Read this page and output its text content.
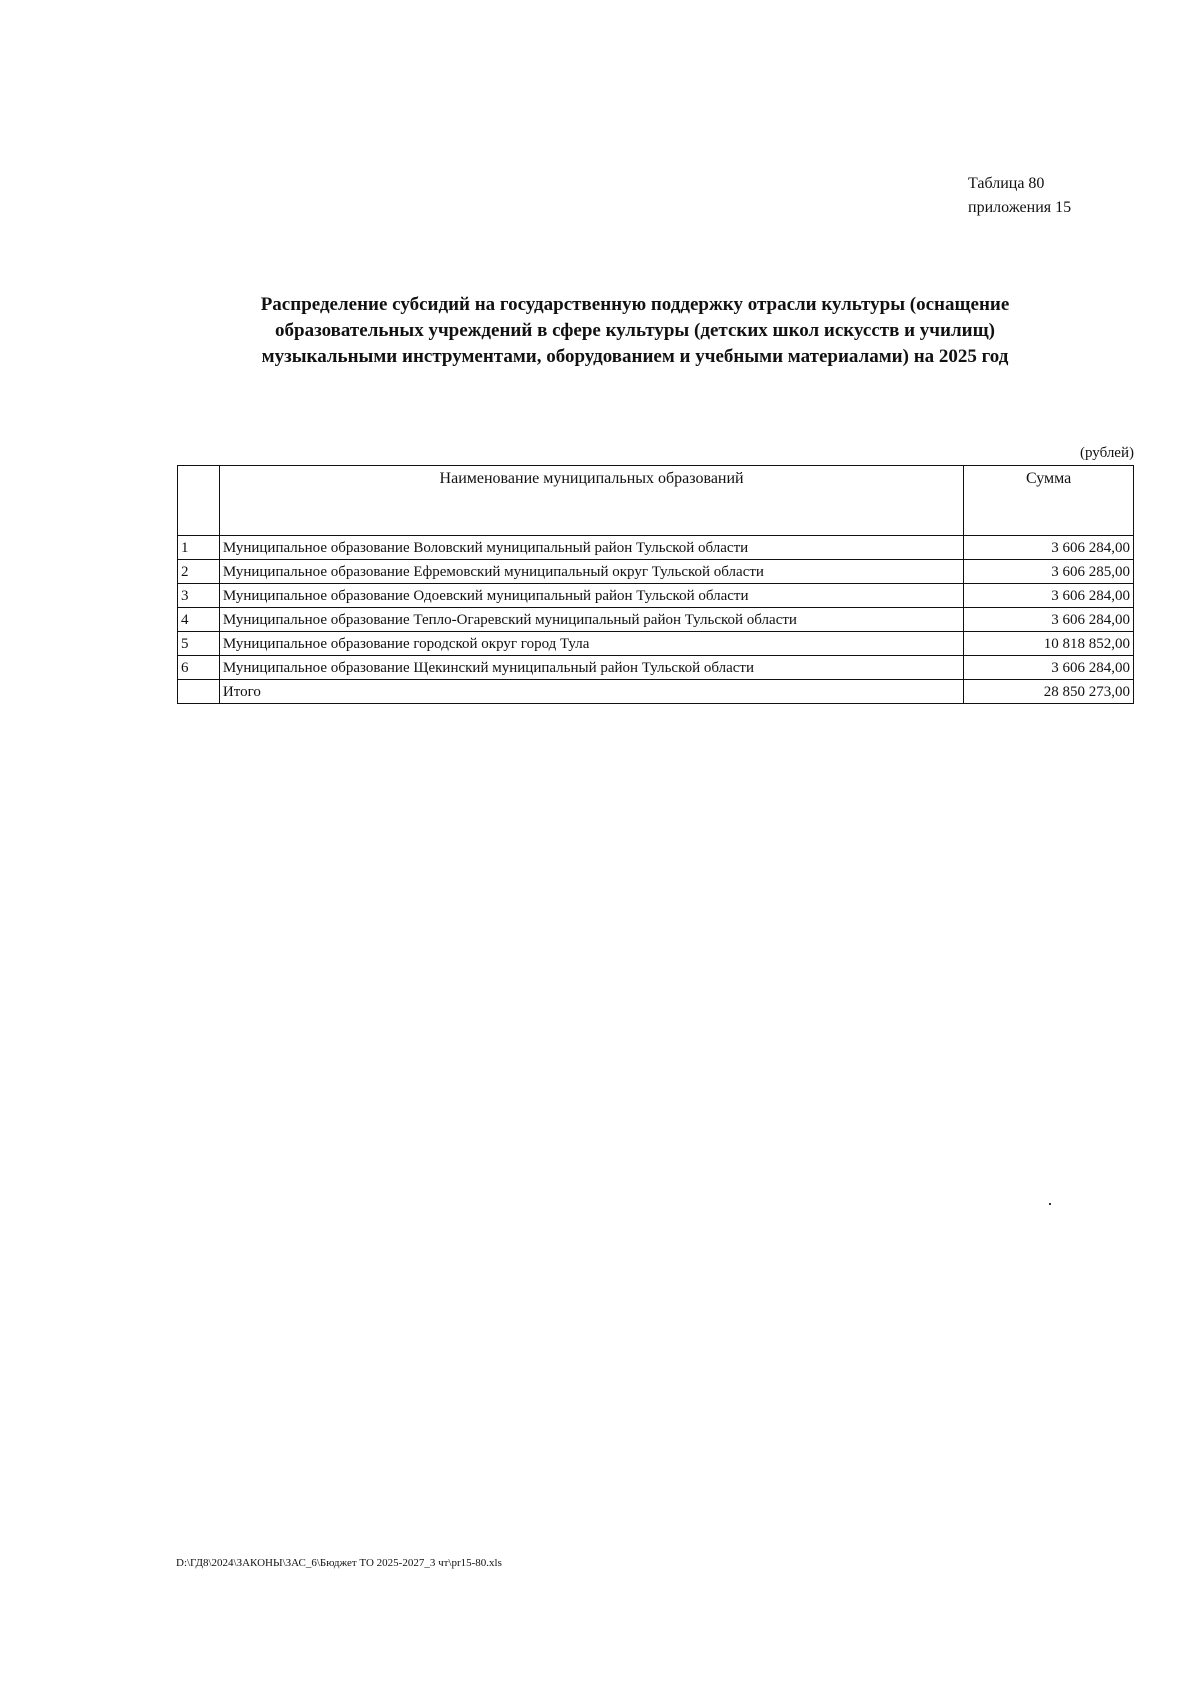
Таблица 80
приложения 15
Распределение субсидий на государственную поддержку отрасли культуры (оснащение
образовательных учреждений в сфере культуры (детских школ искусств и училищ)
музыкальными инструментами, оборудованием и учебными материалами) на 2025 год
(рублей)
	Наименование муниципальных образований	Сумма
1	Муниципальное образование Воловский муниципальный район Тульской области	3 606 284,00
2	Муниципальное образование Ефремовский муниципальный округ Тульской области	3 606 285,00
3	Муниципальное образование Одоевский муниципальный район Тульской области	3 606 284,00
4	Муниципальное образование Тепло-Огаревский муниципальный район Тульской области	3 606 284,00
5	Муниципальное образование городской округ город Тула	10 818 852,00
6	Муниципальное образование Щекинский муниципальный район Тульской области	3 606 284,00
	Итого	28 850 273,00
D:\ГД8\2024\ЗАКОНЫ\ЗАС_6\Бюджет ТО 2025-2027_3 чт\pr15-80.xls
